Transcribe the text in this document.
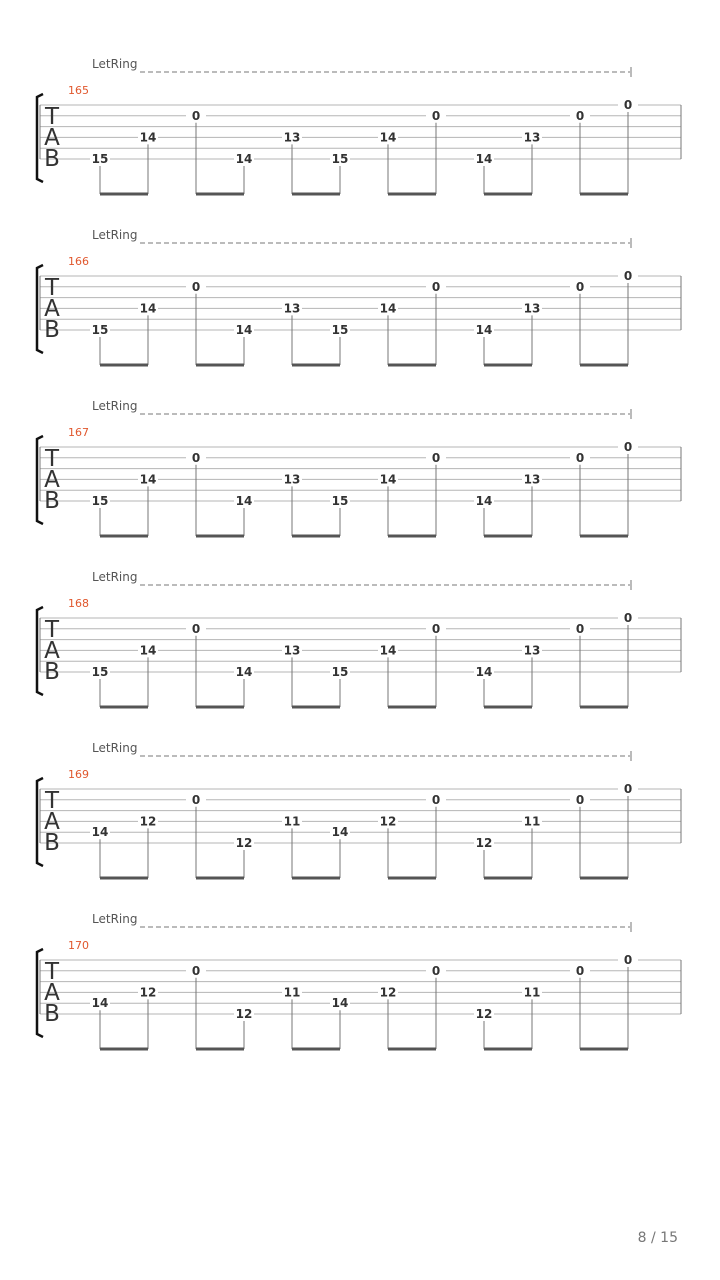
LetRing
165
T
A
B	15
14
0
14
13
15
14
0
14
13
0
0
LetRing
166
T
A
B	15
14
0
14
13
15
14
0
14
13
0
0
LetRing
167
T
A
B	15
14
0
14
13
15
14
0
14
13
0
0
LetRing
168
T
A
B	15
14
0
14
13
15
14
0
14
13
0
0
LetRing
169
T
A
B	14
12
0
12
11
14
12
0
12
11
0
0
LetRing
170
T
A
B	14
12
0
12
11
14
12
0
12
11
0
0
8 / 15
